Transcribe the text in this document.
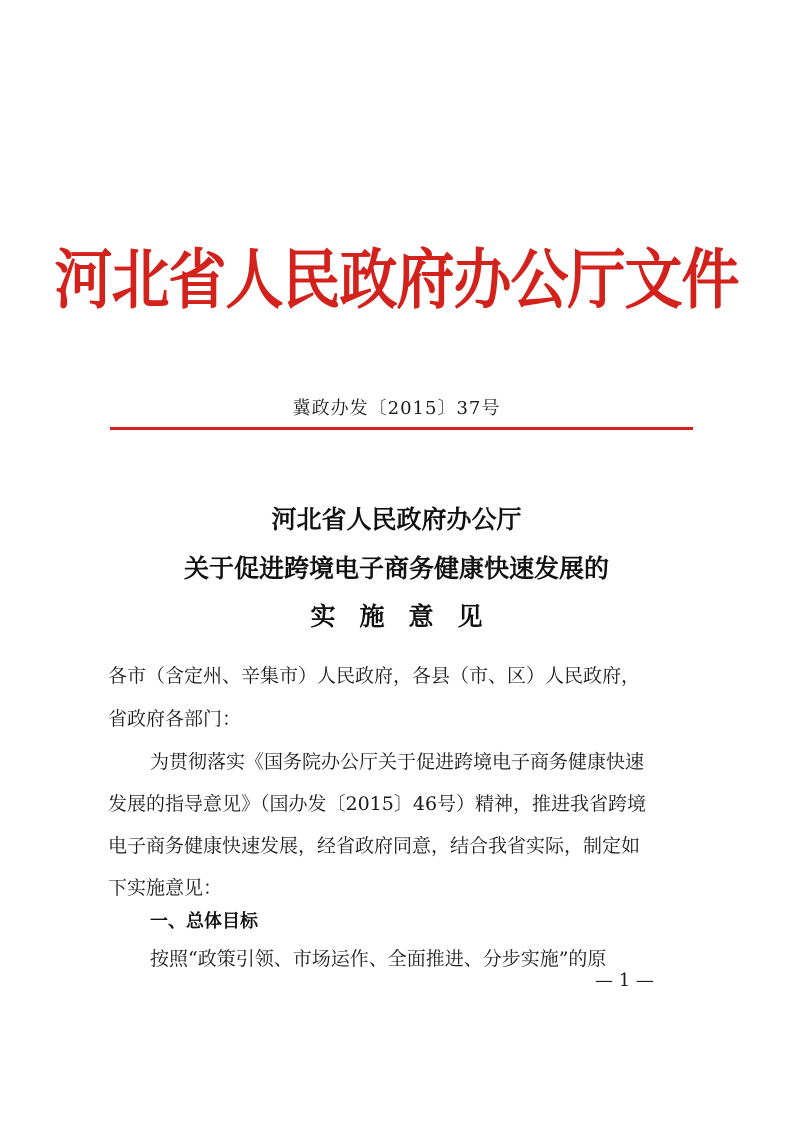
河北省人民政府办公厅文件
冀政办发〔2015〕37号
河北省人民政府办公厅
关于促进跨境电子商务健康快速发展的
实施意见
各市（含定州、辛集市）人民政府，各县（市、区）人民政府，
省政府各部门：
为贯彻落实《国务院办公厅关于促进跨境电子商务健康快速
发展的指导意见》（国办发〔2015〕46号）精神，推进我省跨境
电子商务健康快速发展，经省政府同意，结合我省实际，制定如
下实施意见：
一、总体目标
按照“政策引领、市场运作、全面推进、分步实施”的原
— 1 —
